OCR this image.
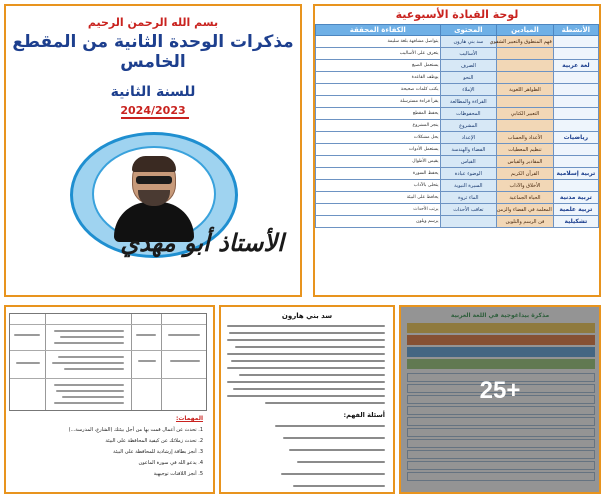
بسم الله الرحمن الرحيم
مذكرات الوحدة الثانية من المقطع الخامس
للسنة الثانية
2024/2023
الأستاذ أبو مهدي
لوحة القيادة الأسبوعية
الأنشطة	الميادين	المحتوى	الكفاءة المحققة
	فهم المنطوق والتعبير الشفوي	سد بني هارون	يتواصل مشافهة بلغة سليمة
		الأساليب	يتعرف على الأساليب
لغة عربية		الصرف	يستعمل الصيغ
		النحو	يوظف القاعدة
	الظواهر اللغوية	الإملاء	يكتب كلمات صحيحة
		القراءة والمطالعة	يقرأ قراءة مسترسلة
	التعبير الكتابي	المحفوظات	يحفظ المقطع
		المشروع	ينجز المشروع
رياضيات	الأعداد والحساب	الإعداد	يحل مشكلات
	تنظيم المعطيات	الفضاء والهندسة	يستعمل الأدوات
	المقادير والقياس	القياس	يقيس الأطوال
تربية إسلامية	القرآن الكريم	الوضوء عبادة	يحفظ السورة
	الأخلاق والآداب	السيرة النبوية	يتحلى بالآداب
تربية مدنية	الحياة الجماعية	الماء ثروة	يحافظ على البيئة
تربية علمية	المعلمة في الفضاء والزمن	تعاقب الأحداث	يرتب الأحداث
تشكيلية	فن الرسم والتلوين		يرسم ويلون
المهمات:
1. تحدث عن أعمال قمت بها من أجل بيئتك (الشارع، المدرسة...)
2. تحدث زملائك عن كيفية المحافظة على البيئة
3. أنجز بطاقة إرشادية للمحافظة على البيئة
4. يدعو الله في سورة الماعون
5. أنجز اللافتات توجيهية
سد بني هارون
أسئلة الفهم:
25+
